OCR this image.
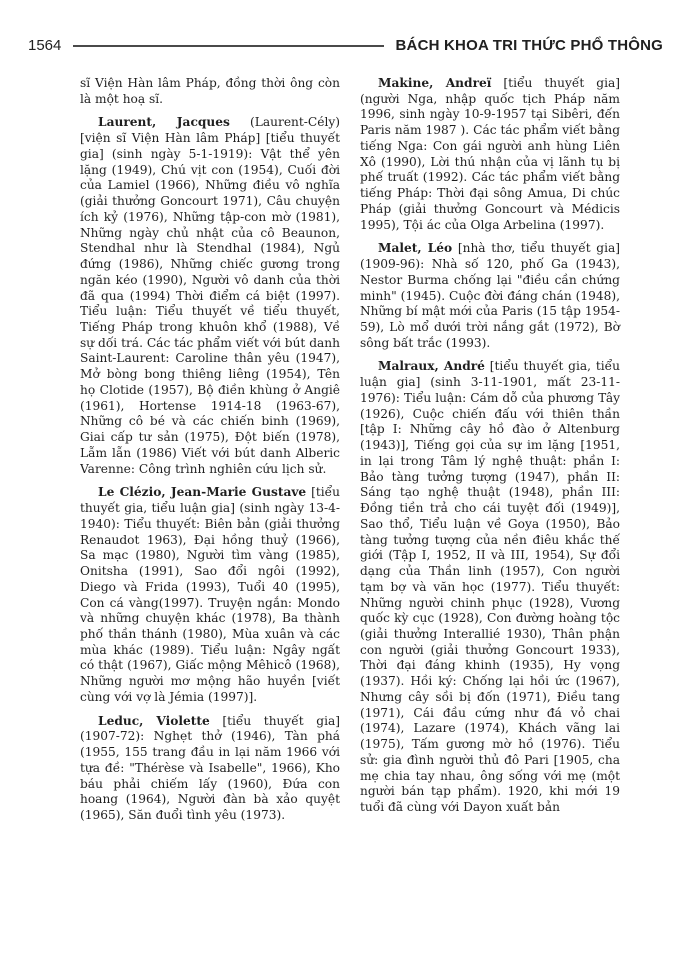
1564	BÁCH KHOA TRI THỨC PHỔ THÔNG

sĩ Viện Hàn lâm Pháp, đồng thời ông còn là một hoạ sĩ.

Laurent, Jacques (Laurent-Cély) [viện sĩ Viện Hàn lâm Pháp] [tiểu thuyết gia] (sinh ngày 5-1-1919): Vật thể yên lặng (1949), Chú vịt con (1954), Cuối đời của Lamiel (1966), Những điều vô nghĩa (giải thưởng Goncourt 1971), Câu chuyện ích kỷ (1976), Những tập-con mờ (1981), Những ngày chủ nhật của cô Beaunon, Stendhal như là Stendhal (1984), Ngủ đứng (1986), Những chiếc gương trong ngăn kéo (1990), Người vô danh của thời đã qua (1994) Thời điểm cá biệt (1997). Tiểu luận: Tiểu thuyết về tiểu thuyết, Tiếng Pháp trong khuôn khổ (1988), Về sự dối trá. Các tác phẩm viết với bút danh Saint-Laurent: Caroline thân yêu (1947), Mở bòng bong thiêng liêng (1954), Tên họ Clotide (1957), Bộ điền khùng ở Angiê (1961), Hortense 1914-18 (1963-67), Những cô bé và các chiến binh (1969), Giai cấp tư sản (1975), Đột biến (1978), Lẫm lẫn (1986) Viết với bút danh Alberic Varenne: Công trình nghiên cứu lịch sử.

Le Clézio, Jean-Marie Gustave [tiểu thuyết gia, tiểu luận gia] (sinh ngày 13-4-1940): Tiểu thuyết: Biên bản (giải thưởng Renaudot 1963), Đại hồng thuỷ (1966), Sa mạc (1980), Người tìm vàng (1985), Onitsha (1991), Sao đổi ngôi (1992), Diego và Frida (1993), Tuổi 40 (1995), Con cá vàng(1997). Truyện ngắn: Mondo và những chuyện khác (1978), Ba thành phố thần thánh (1980), Mùa xuân và các mùa khác (1989). Tiểu luận: Ngây ngất có thật (1967), Giấc mộng Mêhicô (1968), Những người mơ mộng hão huyền [viết cùng với vợ là Jémia (1997)].

Leduc, Violette [tiểu thuyết gia] (1907-72): Nghẹt thở (1946), Tàn phá (1955, 155 trang đầu in lại năm 1966 với tựa đề: "Thérèse và Isabelle", 1966), Kho báu phải chiếm lấy (1960), Đứa con hoang (1964), Người đàn bà xảo quyệt (1965), Săn đuổi tình yêu (1973).

Makine, Andreï [tiểu thuyết gia] (người Nga, nhập quốc tịch Pháp năm 1996, sinh ngày 10-9-1957 tại Sibêri, đến Paris năm 1987 ). Các tác phẩm viết bằng tiếng Nga: Con gái người anh hùng Liên Xô (1990), Lời thú nhận của vị lãnh tụ bị phế truất (1992). Các tác phẩm viết bằng tiếng Pháp: Thời đại sông Amua, Di chúc Pháp (giải thưởng Goncourt và Médicis 1995), Tội ác của Olga Arbelina (1997).

Malet, Léo [nhà thơ, tiểu thuyết gia] (1909-96): Nhà số 120, phố Ga (1943), Nestor Burma chống lại "điều cần chứng minh" (1945). Cuộc đời đáng chán (1948), Những bí mật mới của Paris (15 tập 1954-59), Lò mổ dưới trời nắng gắt (1972), Bờ sông bất trắc (1993).

Malraux, André [tiểu thuyết gia, tiểu luận gia] (sinh 3-11-1901, mất 23-11-1976): Tiểu luận: Cám dỗ của phương Tây (1926), Cuộc chiến đấu với thiên thần [tập I: Những cây hồ đào ở Altenburg (1943)], Tiếng gọi của sự im lặng [1951, in lại trong Tâm lý nghệ thuật: phần I: Bảo tàng tưởng tượng (1947), phần II: Sáng tạo nghệ thuật (1948), phần III: Đồng tiền trả cho cái tuyệt đối (1949)], Sao thổ, Tiểu luận về Goya (1950), Bảo tàng tưởng tượng của nền điêu khắc thế giới (Tập I, 1952, II và III, 1954), Sự đổi dạng của Thần linh (1957), Con người tạm bợ và văn học (1977). Tiểu thuyết: Những người chinh phục (1928), Vương quốc kỳ cục (1928), Con đường hoàng tộc (giải thưởng Interallié 1930), Thân phận con người (giải thưởng Goncourt 1933), Thời đại đáng khinh (1935), Hy vọng (1937). Hồi ký: Chống lại hồi ức (1967), Nhưng cây sồi bị đốn (1971), Điều tang (1971), Cái đầu cứng như đá vỏ chai (1974), Lazare (1974), Khách vãng lai (1975), Tấm gương mờ hồ (1976). Tiểu sử: gia đình người thủ đô Pari [1905, cha mẹ chia tay nhau, ông sống với mẹ (một người bán tạp phẩm). 1920, khi mới 19 tuổi đã cùng với Dayon xuất bản
